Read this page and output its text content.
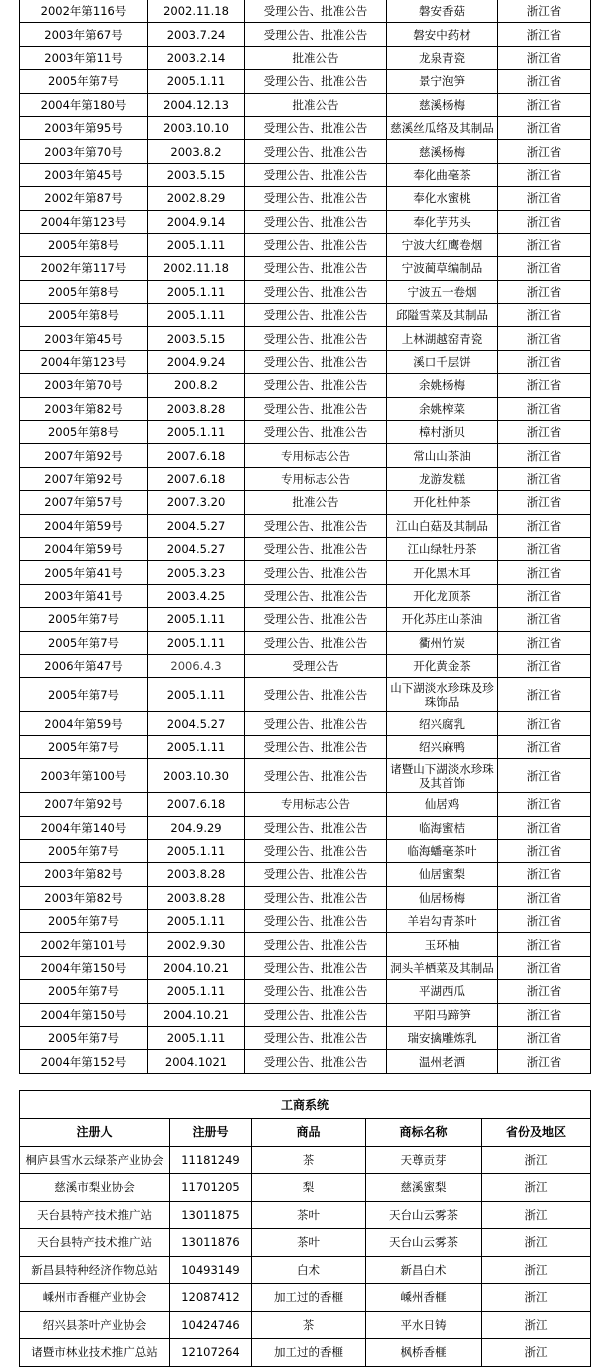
2002年第116号	2002.11.18	受理公告、批准公告	磐安香菇	浙江省
2003年第67号	2003.7.24	受理公告、批准公告	磐安中药材	浙江省
2003年第11号	2003.2.14	批准公告	龙泉青瓷	浙江省
2005年第7号	2005.1.11	受理公告、批准公告	景宁泡笋	浙江省
2004年第180号	2004.12.13	批准公告	慈溪杨梅	浙江省
2003年第95号	2003.10.10	受理公告、批准公告	慈溪丝瓜络及其制品	浙江省
2003年第70号	2003.8.2	受理公告、批准公告	慈溪杨梅	浙江省
2003年第45号	2003.5.15	受理公告、批准公告	奉化曲毫茶	浙江省
2002年第87号	2002.8.29	受理公告、批准公告	奉化水蜜桃	浙江省
2004年第123号	2004.9.14	受理公告、批准公告	奉化芋艿头	浙江省
2005年第8号	2005.1.11	受理公告、批准公告	宁波大红鹰卷烟	浙江省
2002年第117号	2002.11.18	受理公告、批准公告	宁波蔺草编制品	浙江省
2005年第8号	2005.1.11	受理公告、批准公告	宁波五一卷烟	浙江省
2005年第8号	2005.1.11	受理公告、批准公告	邱隘雪菜及其制品	浙江省
2003年第45号	2003.5.15	受理公告、批准公告	上林湖越窑青瓷	浙江省
2004年第123号	2004.9.24	受理公告、批准公告	溪口千层饼	浙江省
2003年第70号	200.8.2	受理公告、批准公告	余姚杨梅	浙江省
2003年第82号	2003.8.28	受理公告、批准公告	余姚榨菜	浙江省
2005年第8号	2005.1.11	受理公告、批准公告	樟村浙贝	浙江省
2007年第92号	2007.6.18	专用标志公告	常山山茶油	浙江省
2007年第92号	2007.6.18	专用标志公告	龙游发糕	浙江省
2007年第57号	2007.3.20	批准公告	开化杜仲茶	浙江省
2004年第59号	2004.5.27	受理公告、批准公告	江山白菇及其制品	浙江省
2004年第59号	2004.5.27	受理公告、批准公告	江山绿牡丹茶	浙江省
2005年第41号	2005.3.23	受理公告、批准公告	开化黑木耳	浙江省
2003年第41号	2003.4.25	受理公告、批准公告	开化龙顶茶	浙江省
2005年第7号	2005.1.11	受理公告、批准公告	开化苏庄山茶油	浙江省
2005年第7号	2005.1.11	受理公告、批准公告	衢州竹炭	浙江省
2006年第47号	2006.4.3	受理公告	开化黄金茶	浙江省
2005年第7号	2005.1.11	受理公告、批准公告	山下湖淡水珍珠及珍珠饰品	浙江省
2004年第59号	2004.5.27	受理公告、批准公告	绍兴腐乳	浙江省
2005年第7号	2005.1.11	受理公告、批准公告	绍兴麻鸭	浙江省
2003年第100号	2003.10.30	受理公告、批准公告	诸暨山下湖淡水珍珠及其首饰	浙江省
2007年第92号	2007.6.18	专用标志公告	仙居鸡	浙江省
2004年第140号	204.9.29	受理公告、批准公告	临海蜜桔	浙江省
2005年第7号	2005.1.11	受理公告、批准公告	临海蟠毫茶叶	浙江省
2003年第82号	2003.8.28	受理公告、批准公告	仙居蜜梨	浙江省
2003年第82号	2003.8.28	受理公告、批准公告	仙居杨梅	浙江省
2005年第7号	2005.1.11	受理公告、批准公告	羊岩勾青茶叶	浙江省
2002年第101号	2002.9.30	受理公告、批准公告	玉环柚	浙江省
2004年第150号	2004.10.21	受理公告、批准公告	洞头羊栖菜及其制品	浙江省
2005年第7号	2005.1.11	受理公告、批准公告	平湖西瓜	浙江省
2004年第150号	2004.10.21	受理公告、批准公告	平阳马蹄笋	浙江省
2005年第7号	2005.1.11	受理公告、批准公告	瑞安擒雕炼乳	浙江省
2004年第152号	2004.1021	受理公告、批准公告	温州老酒	浙江省
工商系统				
注册人	注册号	商品	商标名称	省份及地区
桐庐县雪水云绿茶产业协会	11181249	茶	天尊贡芽	浙江
慈溪市梨业协会	11701205	梨	慈溪蜜梨	浙江
天台县特产技术推广站	13011875	茶叶	天台山云雾茶	浙江
天台县特产技术推广站	13011876	茶叶	天台山云雾茶	浙江
新昌县特种经济作物总站	10493149	白术	新昌白术	浙江
嵊州市香榧产业协会	12087412	加工过的香榧	嵊州香榧	浙江
绍兴县茶叶产业协会	10424746	茶	平水日铸	浙江
诸暨市林业技术推广总站	12107264	加工过的香榧	枫桥香榧	浙江
